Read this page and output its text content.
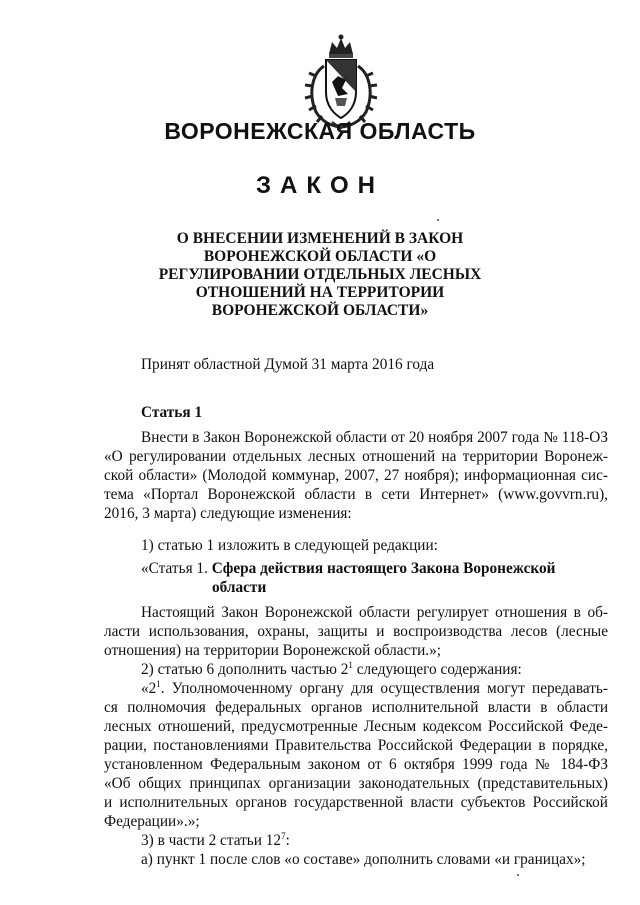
ВОРОНЕЖСКАЯ ОБЛАСТЬ
ЗАКОН
О ВНЕСЕНИИ ИЗМЕНЕНИЙ В ЗАКОН
ВОРОНЕЖСКОЙ ОБЛАСТИ «О
РЕГУЛИРОВАНИИ ОТДЕЛЬНЫХ ЛЕСНЫХ
ОТНОШЕНИЙ НА ТЕРРИТОРИИ
ВОРОНЕЖСКОЙ ОБЛАСТИ»
Принят областной Думой 31 марта 2016 года
Статья 1
Внести в Закон Воронежской области от 20 ноября 2007 года № 118-ОЗ
«О регулировании отдельных лесных отношений на территории Воронеж-
ской области» (Молодой коммунар, 2007, 27 ноября); информационная сис-
тема «Портал Воронежской области в сети Интернет» (www.govvrn.ru),
2016, 3 марта) следующие изменения:
1) статью 1 изложить в следующей редакции:
«Статья 1. Сфера действия настоящего Закона Воронежской
области
Настоящий Закон Воронежской области регулирует отношения в об-
ласти использования, охраны, защиты и воспроизводства лесов (лесные
отношения) на территории Воронежской области.»;
2) статью 6 дополнить частью $2^1$ следующего содержания:
«$2^1$. Уполномоченному органу для осуществления могут передавать-
ся полномочия федеральных органов исполнительной власти в области
лесных отношений, предусмотренные Лесным кодексом Российской Феде-
рации, постановлениями Правительства Российской Федерации в порядке,
установленном Федеральным законом от 6 октября 1999 года № 184-ФЗ
«Об общих принципах организации законодательных (представительных)
и исполнительных органов государственной власти субъектов Российской
Федерации».»;
3) в части 2 статьи $12^7$:
а) пункт 1 после слов «о составе» дополнить словами «и границах»;
